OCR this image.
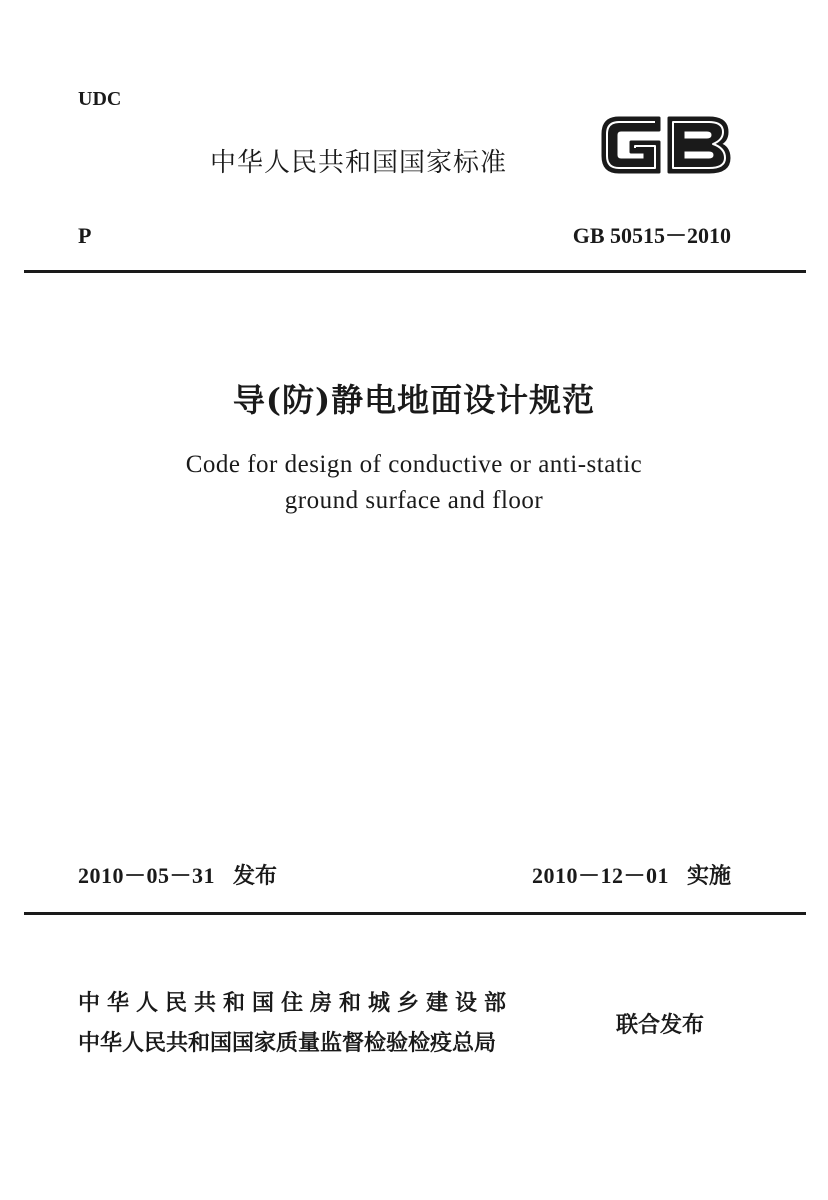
UDC

中华人民共和国国家标准

P	GB 50515－2010

导(防)静电地面设计规范

Code for design of conductive or anti-static

ground surface and floor

2010－05－31 发布	2010－12－01 实施

中华人民共和国住房和城乡建设部

中华人民共和国国家质量监督检验检疫总局

联合发布
